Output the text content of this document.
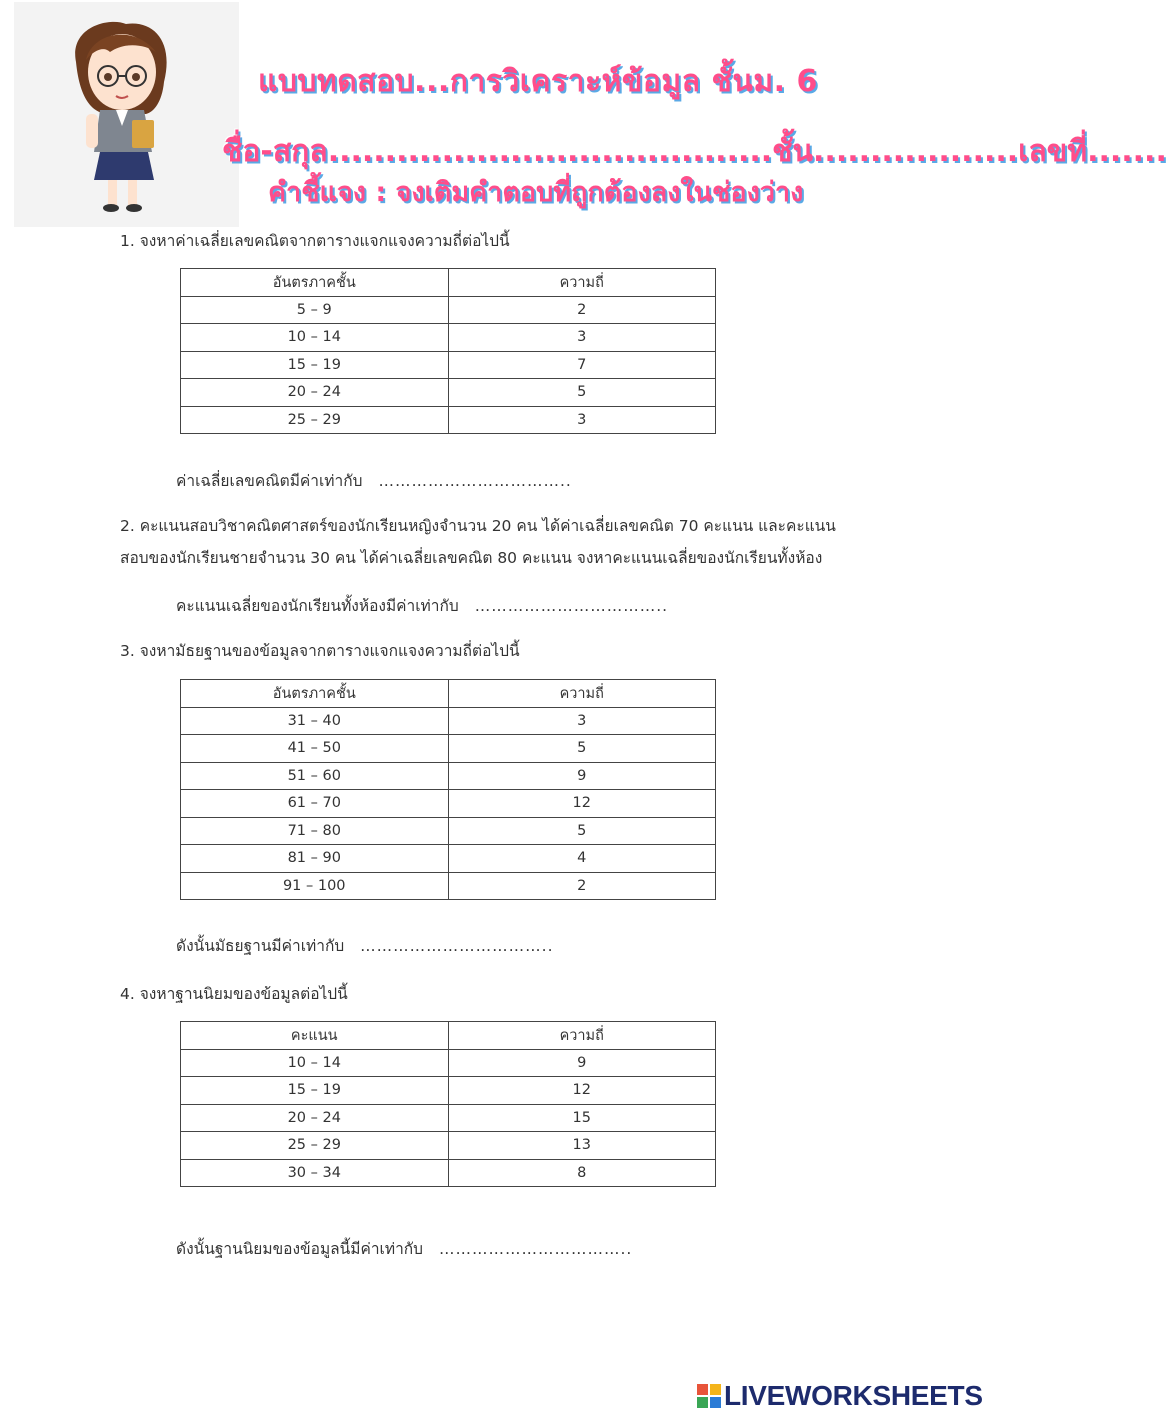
แบบทดสอบ...การวิเคราะห์ข้อมูล ชั้นม. 6
ชื่อ-สกุล.......................................ชั้น..................เลขที่.......
คำชี้แจง : จงเติมคำตอบที่ถูกต้องลงในช่องว่าง
1. จงหาค่าเฉลี่ยเลขคณิตจากตารางแจกแจงความถี่ต่อไปนี้
อันตรภาคชั้น	ความถี่
5 – 9	2
10 – 14	3
15 – 19	7
20 – 24	5
25 – 29	3
ค่าเฉลี่ยเลขคณิตมีค่าเท่ากับ ……………………………..
2. คะแนนสอบวิชาคณิตศาสตร์ของนักเรียนหญิงจำนวน 20 คน ได้ค่าเฉลี่ยเลขคณิต 70 คะแนน และคะแนน
สอบของนักเรียนชายจำนวน 30 คน ได้ค่าเฉลี่ยเลขคณิต 80 คะแนน จงหาคะแนนเฉลี่ยของนักเรียนทั้งห้อง
คะแนนเฉลี่ยของนักเรียนทั้งห้องมีค่าเท่ากับ ……………………………..
3. จงหามัธยฐานของข้อมูลจากตารางแจกแจงความถี่ต่อไปนี้
อันตรภาคชั้น	ความถี่
31 – 40	3
41 – 50	5
51 – 60	9
61 – 70	12
71 – 80	5
81 – 90	4
91 – 100	2
ดังนั้นมัธยฐานมีค่าเท่ากับ ……………………………..
4. จงหาฐานนิยมของข้อมูลต่อไปนี้
คะแนน	ความถี่
10 – 14	9
15 – 19	12
20 – 24	15
25 – 29	13
30 – 34	8
ดังนั้นฐานนิยมของข้อมูลนี้มีค่าเท่ากับ ……………………………..
LIVEWORKSHEETS
